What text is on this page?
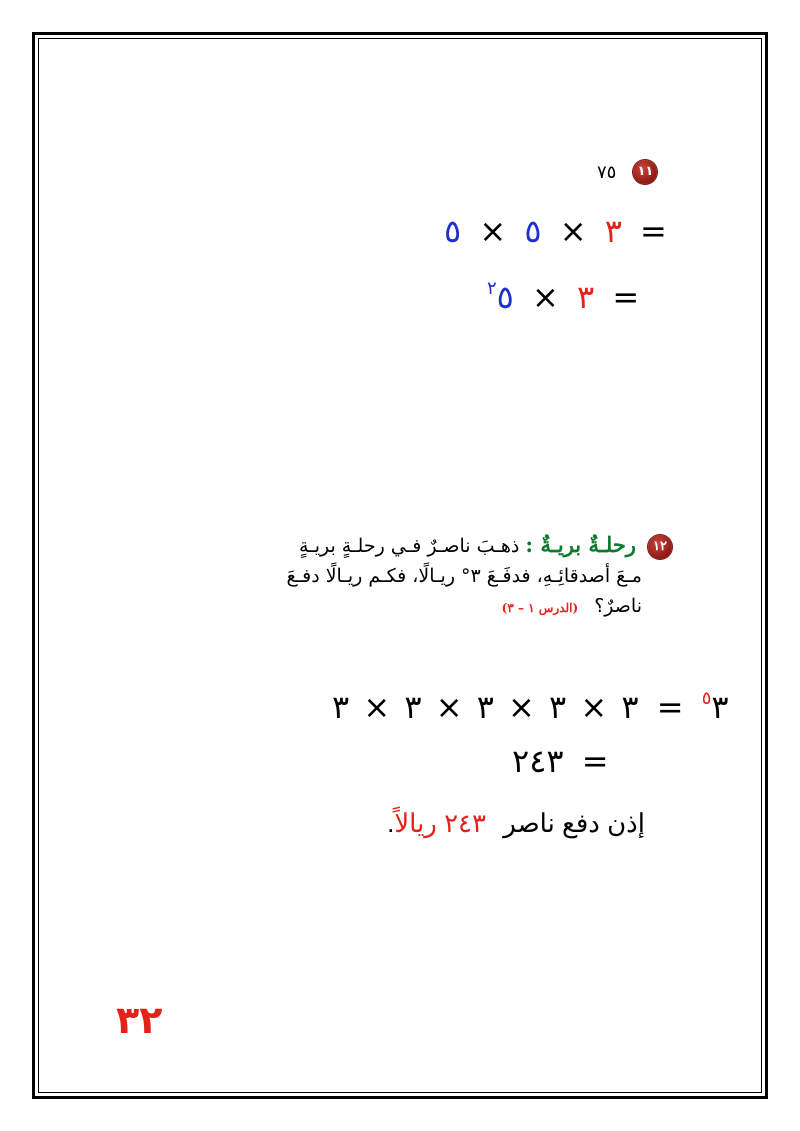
٧٥ ١١
٥ × ٥ × ٣ =
$^٢$٥ × ٣ =
١٢ رحلـةٌ بريـةٌ : ذهـبَ ناصـرٌ فـي رحلـةٍ بريـةٍ
مـعَ أصدقائِـهِ، فدفَـعَ ٣° ريـالًا، فكـم ريـالًا دفـعَ
ناصرٌ؟ (الدرس ١ – ٣)
٣ × ٣ × ٣ × ٣ × ٣ = $^٥$٣
٢٤٣ =
إذن دفع ناصر ٢٤٣ ريالاً.
٣٢
